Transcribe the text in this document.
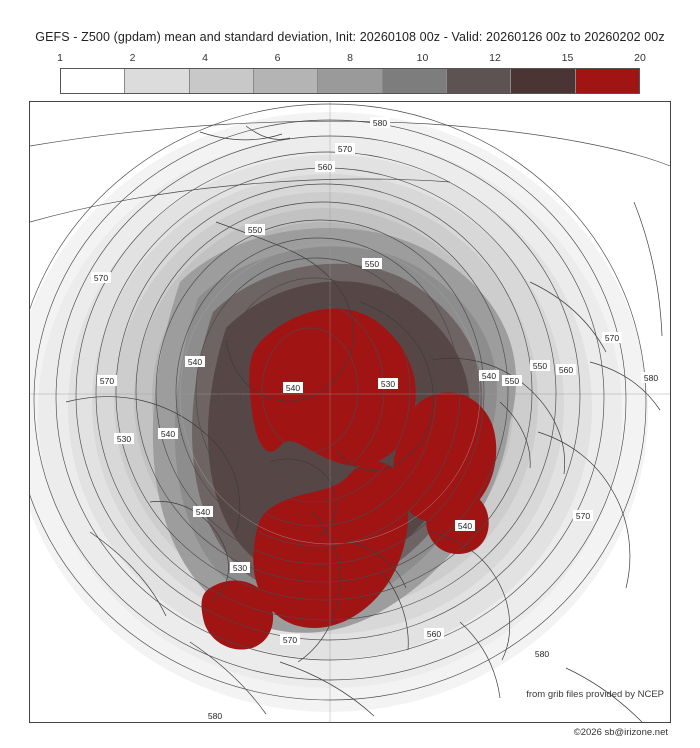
GEFS - Z500 (gpdam) mean and standard deviation, Init: 20260108 00z - Valid: 20260126 00z to 20260202 00z
1	2	4	6	8	10	12	15	20
580
570
560
550
550
570
570
570
560
550
550
540	580
540
540	530
530	540
540
530
540
570
570
560
580
580
from grib files provided by NCEP
©2026 sb@irizone.net
